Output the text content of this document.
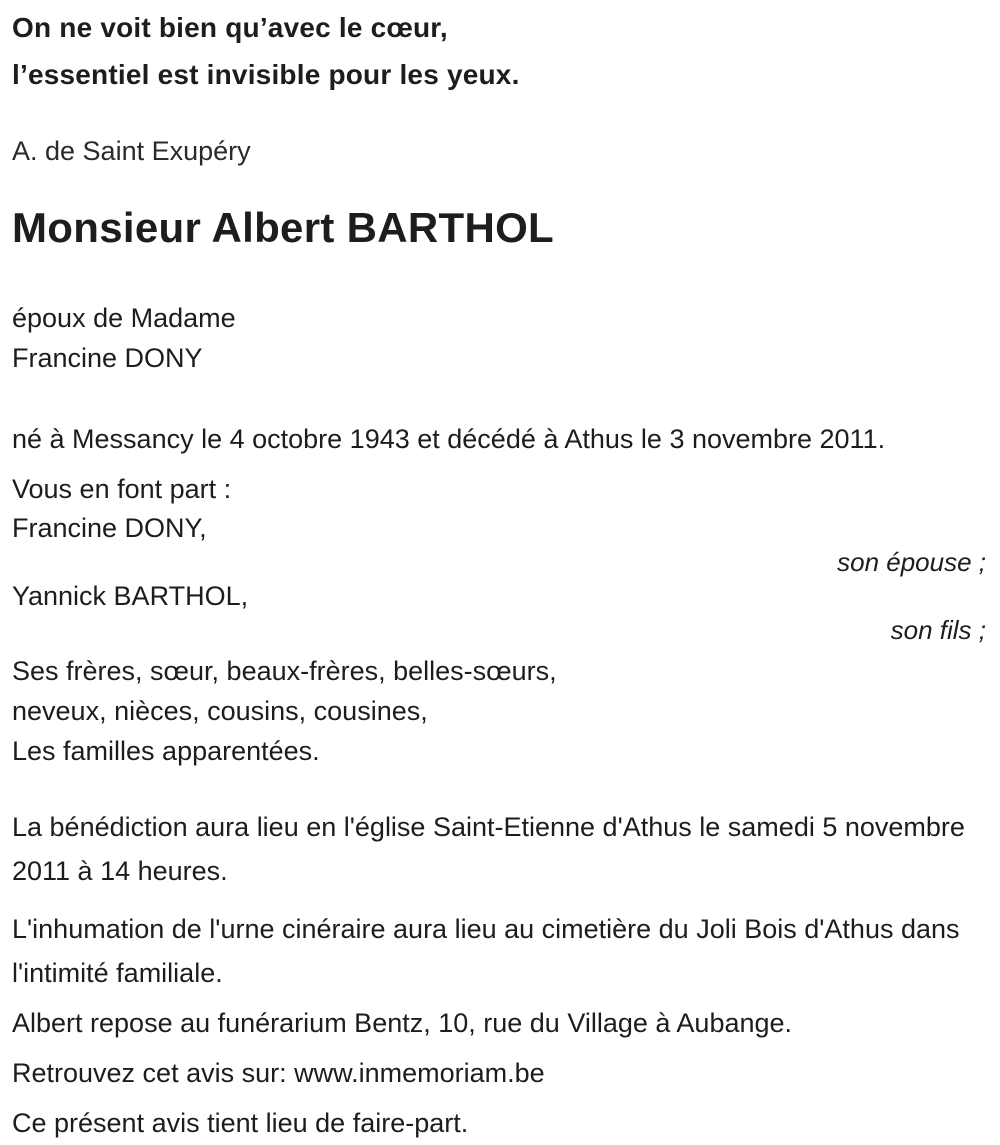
On ne voit bien qu’avec le cœur,

l’essentiel est invisible pour les yeux.

A. de Saint Exupéry

Monsieur Albert BARTHOL

époux de Madame

Francine DONY

né à Messancy le 4 octobre 1943 et décédé à Athus le 3 novembre 2011.

Vous en font part :

Francine DONY,

son épouse ;

Yannick BARTHOL,

son fils ;

Ses frères, sœur, beaux-frères, belles-sœurs,

neveux, nièces, cousins, cousines,

Les familles apparentées.

La bénédiction aura lieu en l'église Saint-Etienne d'Athus le samedi 5 novembre 2011 à 14 heures.

L'inhumation de l'urne cinéraire aura lieu au cimetière du Joli Bois d'Athus dans l'intimité familiale.

Albert repose au funérarium Bentz, 10, rue du Village à Aubange.

Retrouvez cet avis sur: www.inmemoriam.be

Ce présent avis tient lieu de faire-part.
